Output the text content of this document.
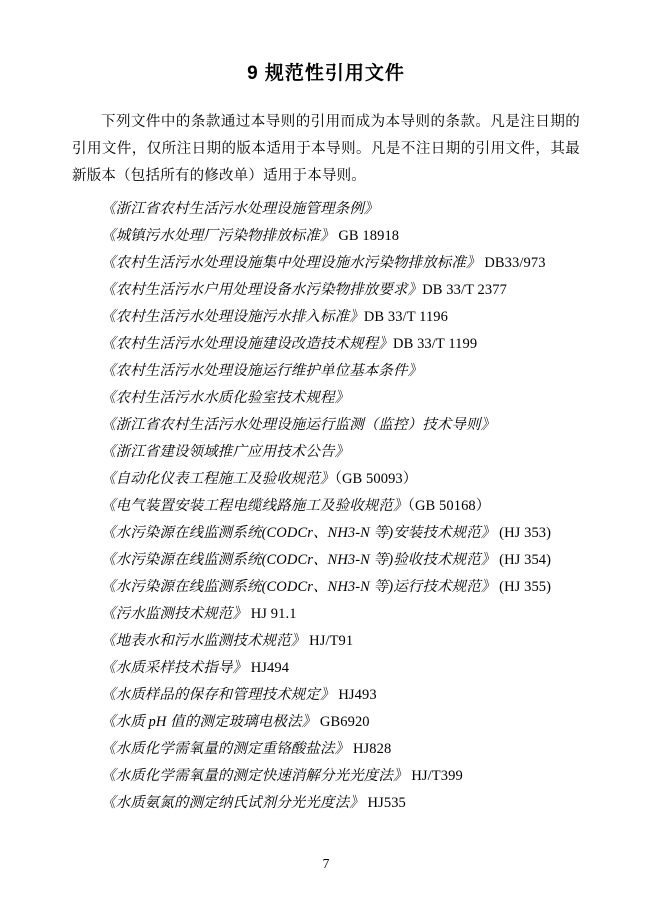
9 规范性引用文件

下列文件中的条款通过本导则的引用而成为本导则的条款。凡是注日期的引用文件，仅所注日期的版本适用于本导则。凡是不注日期的引用文件，其最新版本（包括所有的修改单）适用于本导则。

《浙江省农村生活污水处理设施管理条例》
《城镇污水处理厂污染物排放标准》 GB 18918
《农村生活污水处理设施集中处理设施水污染物排放标准》 DB33/973
《农村生活污水户用处理设备水污染物排放要求》DB 33/T 2377
《农村生活污水处理设施污水排入标准》DB 33/T 1196
《农村生活污水处理设施建设改造技术规程》DB 33/T 1199
《农村生活污水处理设施运行维护单位基本条件》
《农村生活污水水质化验室技术规程》
《浙江省农村生活污水处理设施运行监测（监控）技术导则》
《浙江省建设领域推广应用技术公告》
《自动化仪表工程施工及验收规范》（GB 50093）
《电气装置安装工程电缆线路施工及验收规范》（GB 50168）
《水污染源在线监测系统(CODCr、NH3-N 等)安装技术规范》 (HJ 353)
《水污染源在线监测系统(CODCr、NH3-N 等)验收技术规范》 (HJ 354)
《水污染源在线监测系统(CODCr、NH3-N 等)运行技术规范》 (HJ 355)
《污水监测技术规范》 HJ 91.1
《地表水和污水监测技术规范》 HJ/T91
《水质采样技术指导》 HJ494
《水质样品的保存和管理技术规定》 HJ493
《水质 pH 值的测定玻璃电极法》 GB6920
《水质化学需氧量的测定重铬酸盐法》 HJ828
《水质化学需氧量的测定快速消解分光光度法》 HJ/T399
《水质氨氮的测定纳氏试剂分光光度法》 HJ535
7
